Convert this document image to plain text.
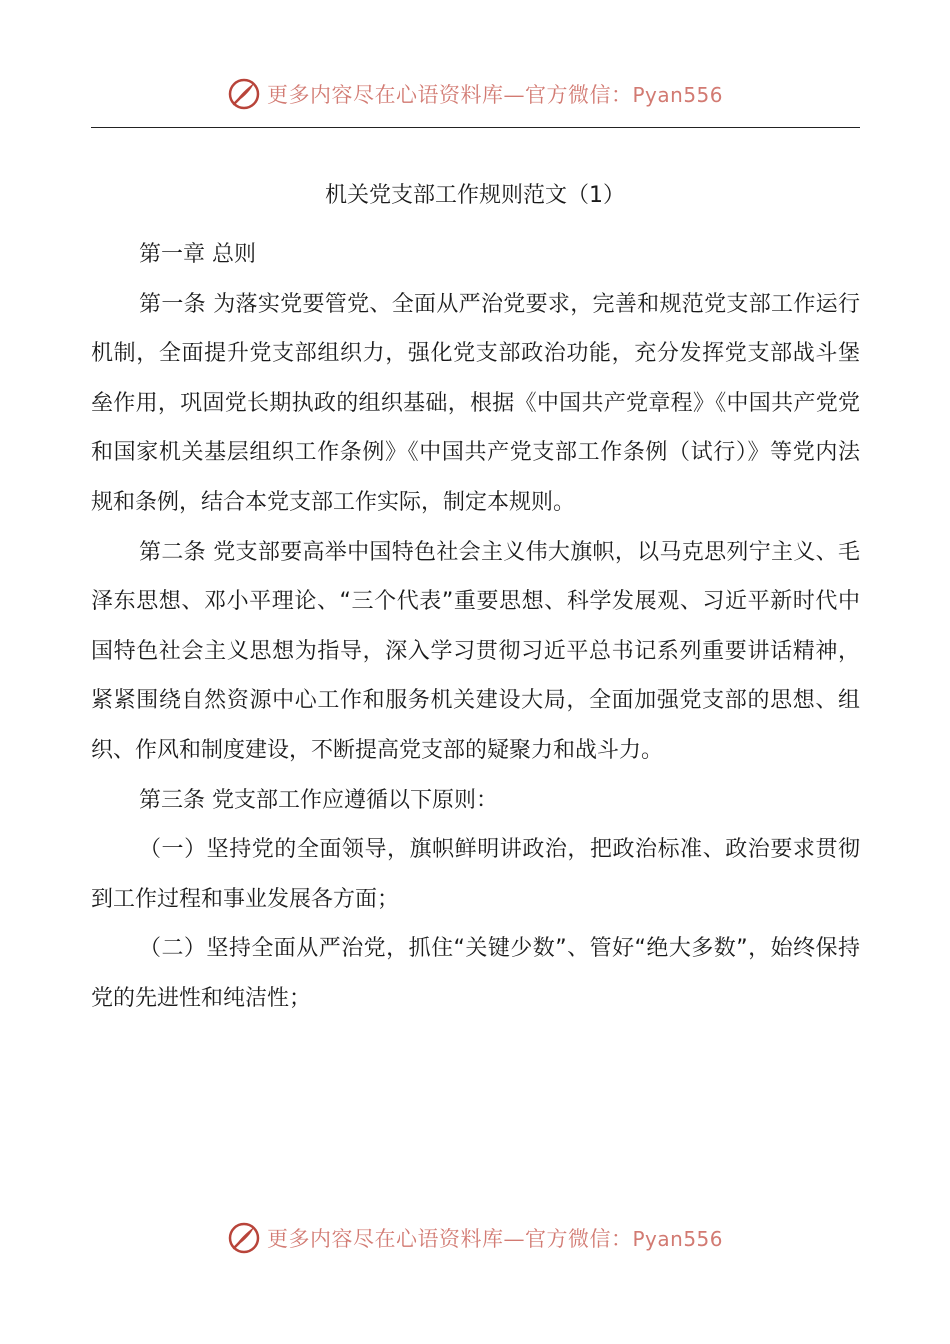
更多内容尽在心语资料库—官方微信：Pyan556
机关党支部工作规则范文（1）

第一章 总则

第一条 为落实党要管党、全面从严治党要求，完善和规范党支部工作运行机制，全面提升党支部组织力，强化党支部政治功能，充分发挥党支部战斗堡垒作用，巩固党长期执政的组织基础，根据《中国共产党章程》《中国共产党党和国家机关基层组织工作条例》《中国共产党支部工作条例（试行）》等党内法规和条例，结合本党支部工作实际，制定本规则。

第二条 党支部要高举中国特色社会主义伟大旗帜，以马克思列宁主义、毛泽东思想、邓小平理论、“三个代表”重要思想、科学发展观、习近平新时代中国特色社会主义思想为指导，深入学习贯彻习近平总书记系列重要讲话精神，紧紧围绕自然资源中心工作和服务机关建设大局，全面加强党支部的思想、组织、作风和制度建设，不断提高党支部的疑聚力和战斗力。

第三条 党支部工作应遵循以下原则：

（一）坚持党的全面领导，旗帜鲜明讲政治，把政治标准、政治要求贯彻到工作过程和事业发展各方面；

（二）坚持全面从严治党，抓住“关键少数”、管好“绝大多数”，始终保持党的先进性和纯洁性；

更多内容尽在心语资料库—官方微信：Pyan556
